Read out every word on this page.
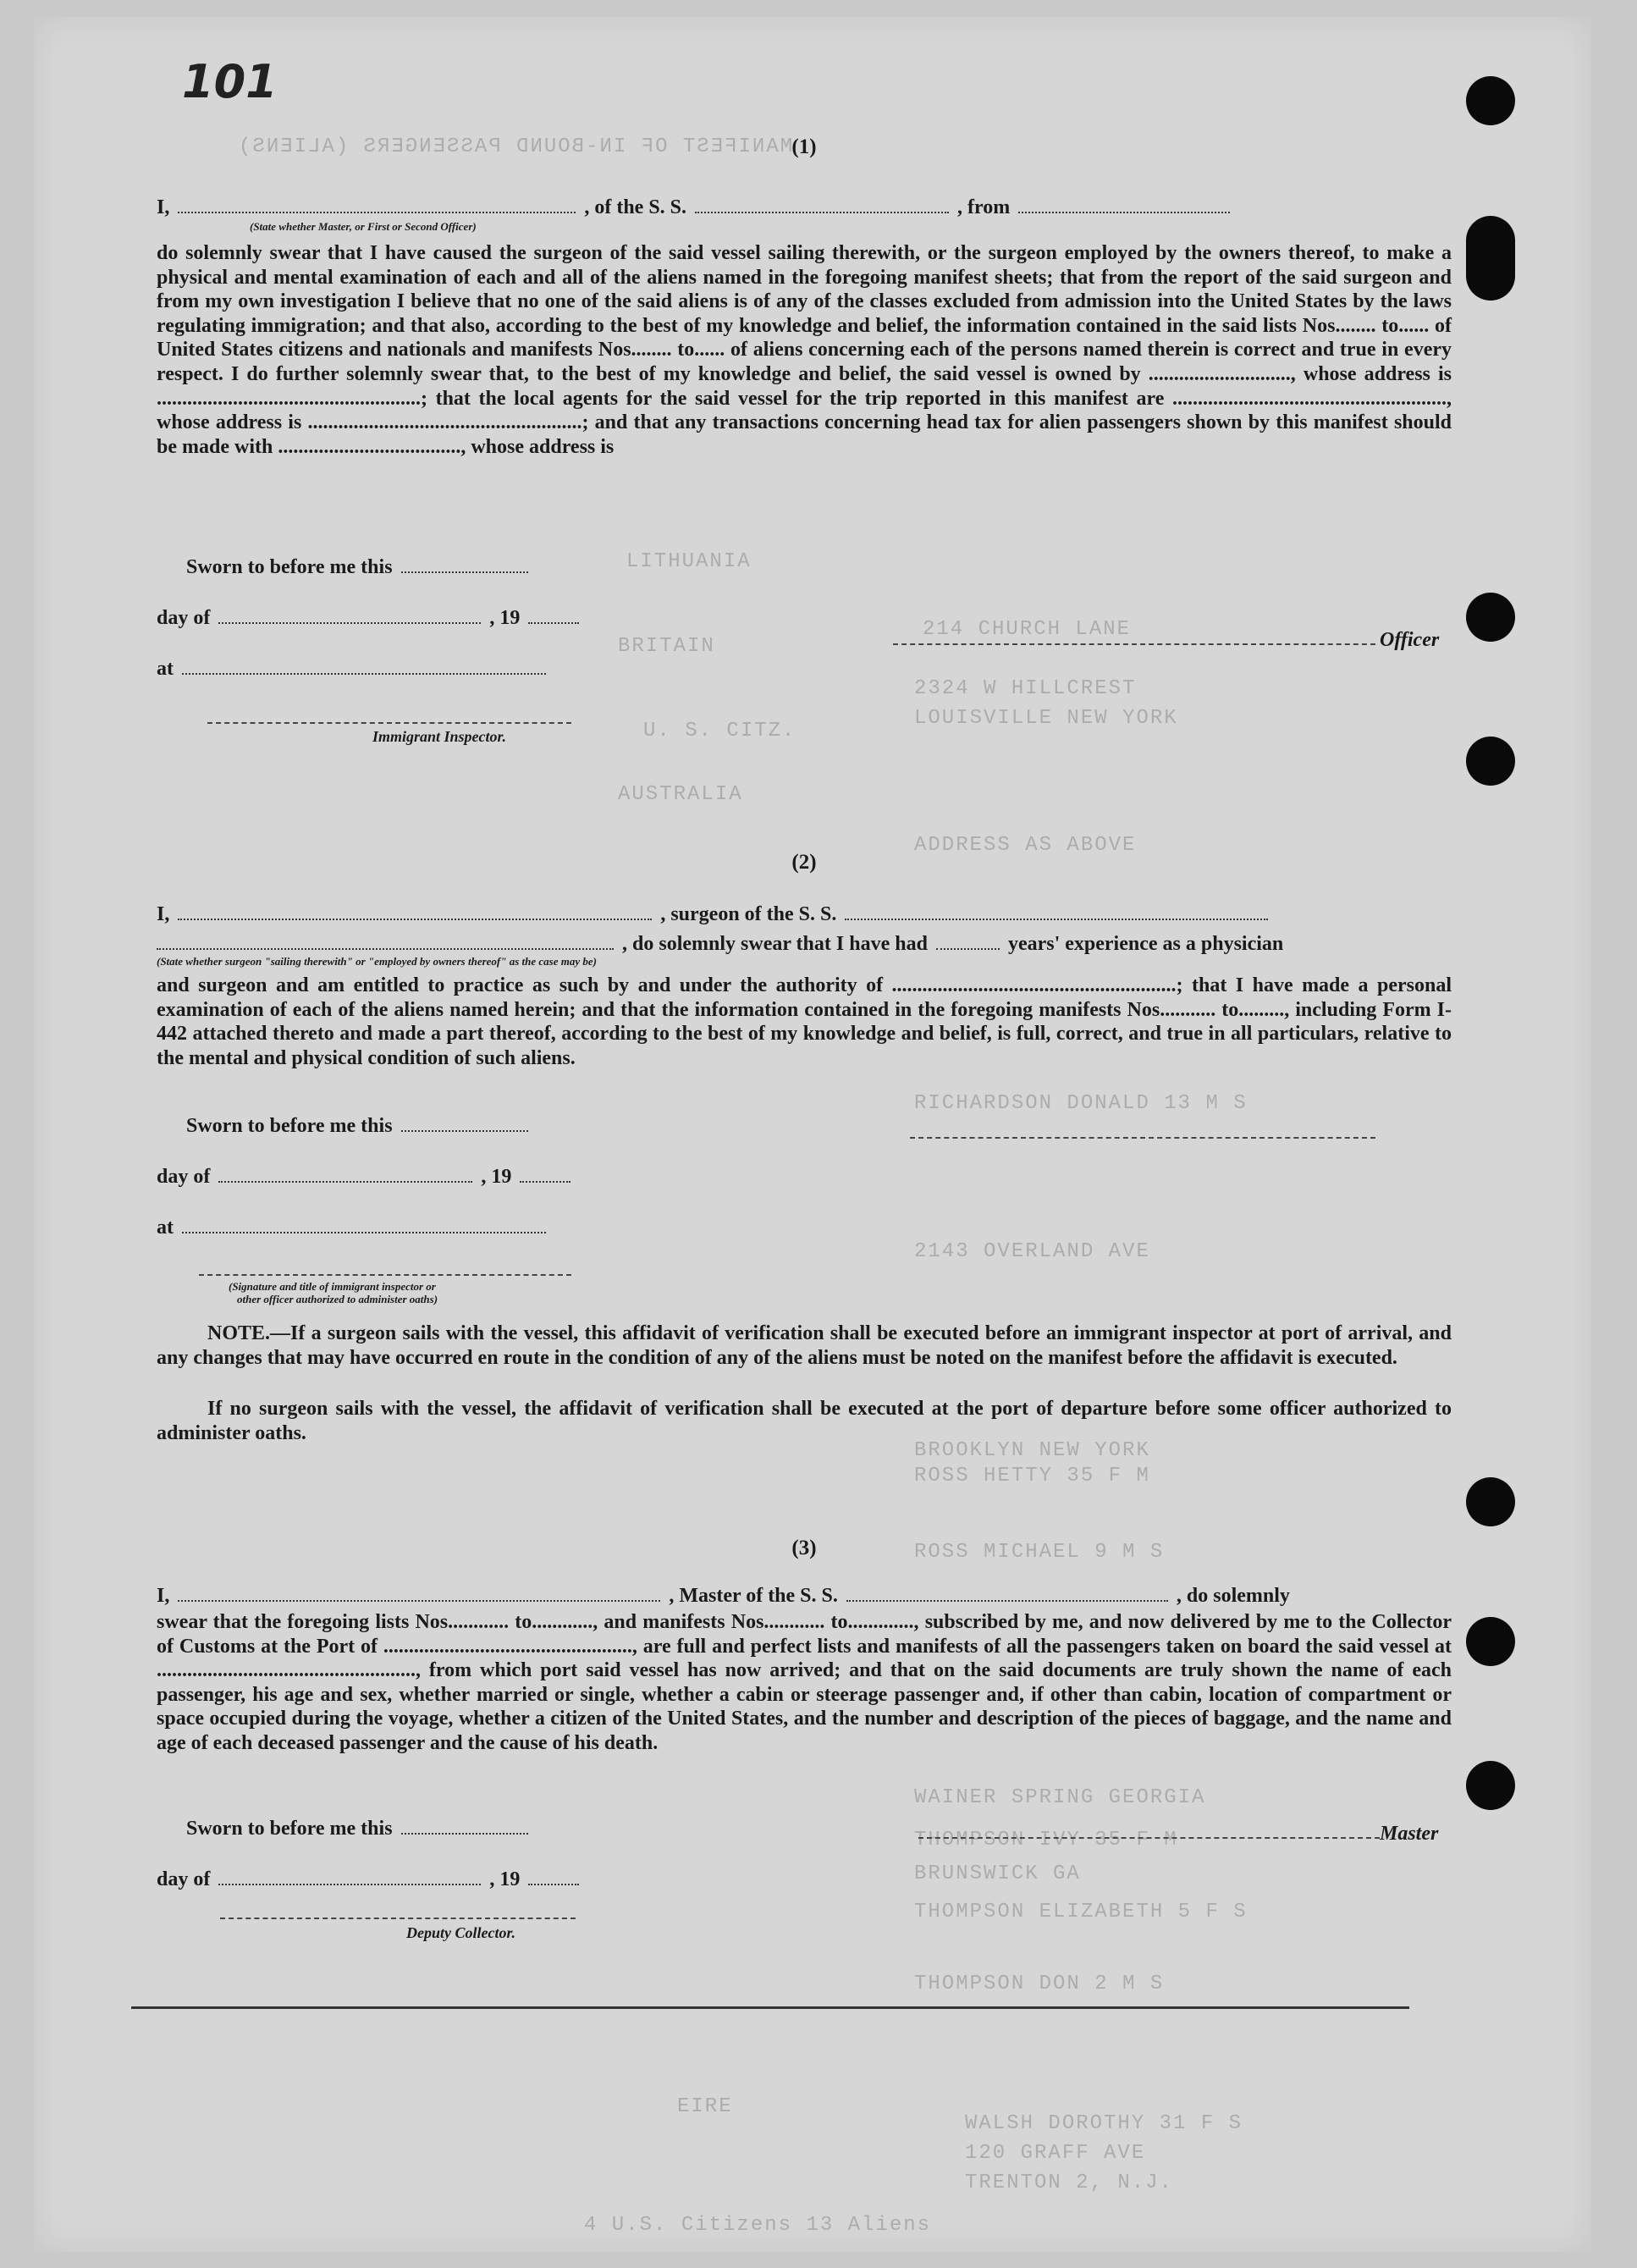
101
MANIFEST OF IN-BOUND PASSENGERS (ALIENS)
LITHUANIA
214 CHURCH LANE
BRITAIN
2324 W HILLCREST
LOUISVILLE NEW YORK
AUSTRALIA
ADDRESS AS ABOVE
U. S. CITZ.
RICHARDSON DONALD 13 M S
2143 OVERLAND AVE
BROOKLYN NEW YORK
ROSS HETTY 35 F M
ROSS MICHAEL 9 M S
WAINER SPRING GEORGIA
THOMPSON IVY 35 F M
BRUNSWICK GA
THOMPSON ELIZABETH 5 F S
THOMPSON DON 2 M S
WALSH DOROTHY 31 F S
120 GRAFF AVE
TRENTON 2, N.J.
EIRE
4 U.S. Citizens 13 Aliens
(1)
I,	, of the S. S.	, from
(State whether Master, or First or Second Officer)
do solemnly swear that I have caused the surgeon of the said vessel sailing therewith, or the surgeon employed by the owners thereof, to make a physical and mental examination of each and all of the aliens named in the foregoing manifest sheets; that from the report of the said surgeon and from my own investigation I believe that no one of the said aliens is of any of the classes excluded from admission into the United States by the laws regulating immigration; and that also, according to the best of my knowledge and belief, the information contained in the said lists Nos........ to...... of United States citizens and nationals and manifests Nos........ to...... of aliens concerning each of the persons named therein is correct and true in every respect. I do further solemnly swear that, to the best of my knowledge and belief, the said vessel is owned by ............................, whose address is ....................................................; that the local agents for the said vessel for the trip reported in this manifest are ......................................................, whose address is ......................................................; and that any transactions concerning head tax for alien passengers shown by this manifest should be made with ...................................., whose address is
Sworn to before me this
day of	, 19
at
Immigrant Inspector.
Officer
(2)
I,	, surgeon of the S. S.
, do solemnly swear that I have had	years' experience as a physician
(State whether surgeon "sailing therewith" or "employed by owners thereof" as the case may be)
and surgeon and am entitled to practice as such by and under the authority of ........................................................; that I have made a personal examination of each of the aliens named herein; and that the information contained in the foregoing manifests Nos........... to........., including Form I-442 attached thereto and made a part thereof, according to the best of my knowledge and belief, is full, correct, and true in all particulars, relative to the mental and physical condition of such aliens.
Sworn to before me this
day of	, 19
at
(Signature and title of immigrant inspector or
other officer authorized to administer oaths)
NOTE.—If a surgeon sails with the vessel, this affidavit of verification shall be executed before an immigrant inspector at port of arrival, and any changes that may have occurred en route in the condition of any of the aliens must be noted on the manifest before the affidavit is executed.
If no surgeon sails with the vessel, the affidavit of verification shall be executed at the port of departure before some officer authorized to administer oaths.
(3)
I,	, Master of the S. S.	, do solemnly
swear that the foregoing lists Nos............ to............, and manifests Nos............ to............., subscribed by me, and now delivered by me to the Collector of Customs at the Port of ................................................., are full and perfect lists and manifests of all the passengers taken on board the said vessel at ..................................................., from which port said vessel has now arrived; and that on the said documents are truly shown the name of each passenger, his age and sex, whether married or single, whether a cabin or steerage passenger and, if other than cabin, location of compartment or space occupied during the voyage, whether a citizen of the United States, and the number and description of the pieces of baggage, and the name and age of each deceased passenger and the cause of his death.
Sworn to before me this	Master
day of	, 19
Deputy Collector.
